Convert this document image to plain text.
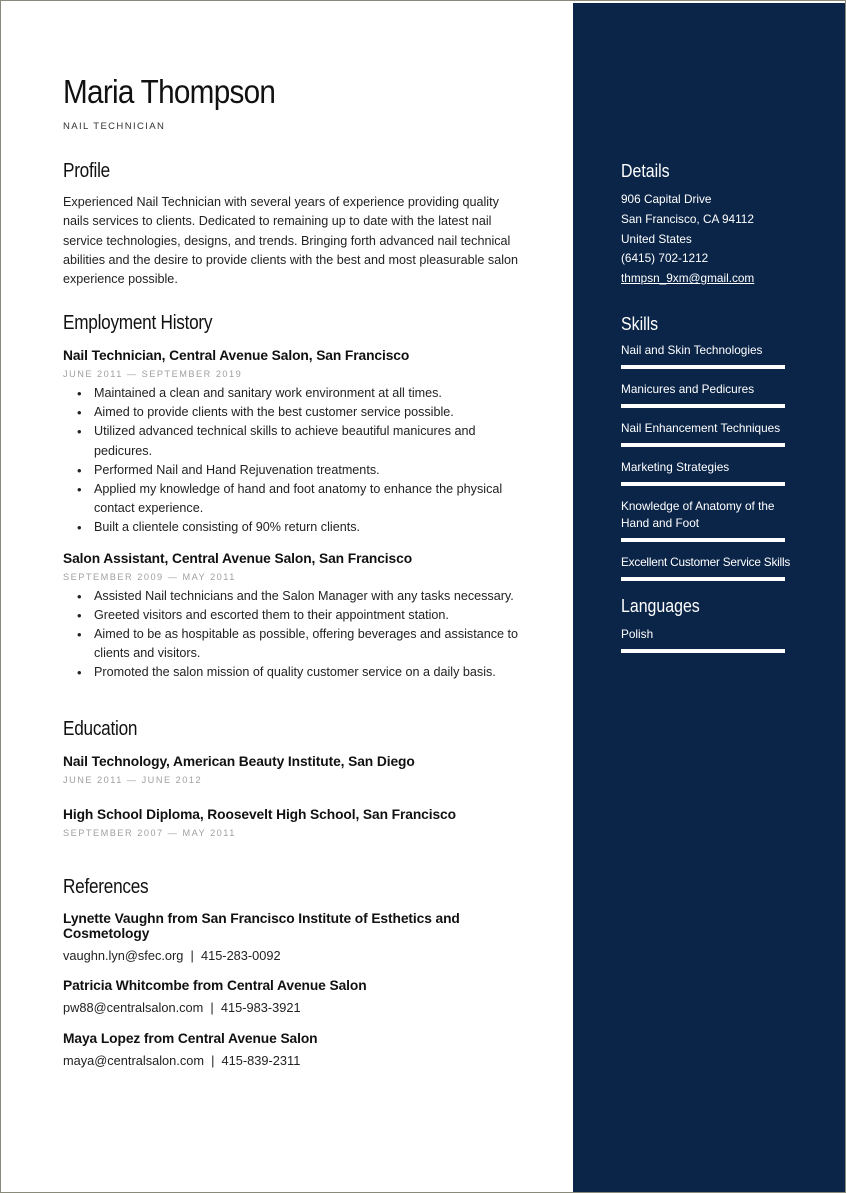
Maria Thompson
NAIL TECHNICIAN
Profile
Experienced Nail Technician with several years of experience providing quality
nails services to clients. Dedicated to remaining up to date with the latest nail
service technologies, designs, and trends. Bringing forth advanced nail technical
abilities and the desire to provide clients with the best and most pleasurable salon
experience possible.
Employment History
Nail Technician, Central Avenue Salon, San Francisco
JUNE 2011 — SEPTEMBER 2019
• Maintained a clean and sanitary work environment at all times.
• Aimed to provide clients with the best customer service possible.
• Utilized advanced technical skills to achieve beautiful manicures and pedicures.
• Performed Nail and Hand Rejuvenation treatments.
• Applied my knowledge of hand and foot anatomy to enhance the physical contact experience.
• Built a clientele consisting of 90% return clients.
Salon Assistant, Central Avenue Salon, San Francisco
SEPTEMBER 2009 — MAY 2011
• Assisted Nail technicians and the Salon Manager with any tasks necessary.
• Greeted visitors and escorted them to their appointment station.
• Aimed to be as hospitable as possible, offering beverages and assistance to clients and visitors.
• Promoted the salon mission of quality customer service on a daily basis.
Education
Nail Technology, American Beauty Institute, San Diego
JUNE 2011 — JUNE 2012
High School Diploma, Roosevelt High School, San Francisco
SEPTEMBER 2007 — MAY 2011
References
Lynette Vaughn from San Francisco Institute of Esthetics and Cosmetology
vaughn.lyn@sfec.org  |  415-283-0092
Patricia Whitcombe from Central Avenue Salon
pw88@centralsalon.com  |  415-983-3921
Maya Lopez from Central Avenue Salon
maya@centralsalon.com  |  415-839-2311
Details
906 Capital Drive
San Francisco, CA 94112
United States
(6415) 702-1212
thmpsn_9xm@gmail.com
Skills
Nail and Skin Technologies
Manicures and Pedicures
Nail Enhancement Techniques
Marketing Strategies
Knowledge of Anatomy of the Hand and Foot
Excellent Customer Service Skills
Languages
Polish
